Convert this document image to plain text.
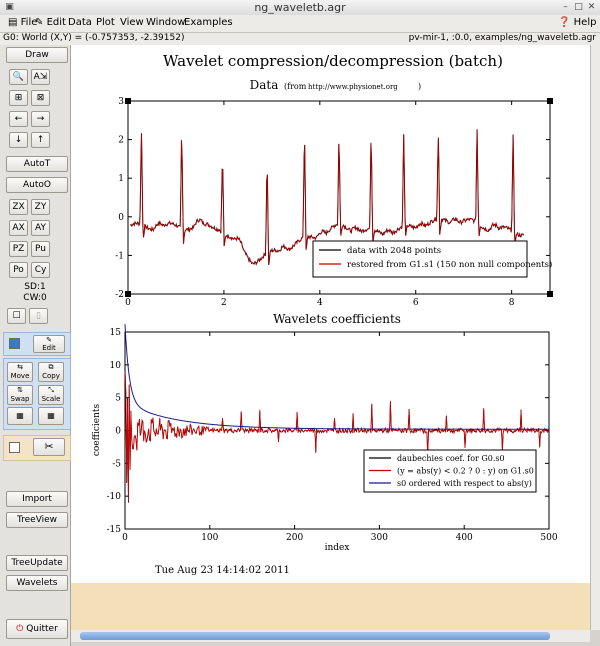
▣	ng_waveletb.agr	– □ ✕
▤ File
✎ Edit Data Plot View Window
Examples	❓ Help
G0: World (X,Y) = (-0.757353, -2.39152)	pv-mir-1, :0.0, examples/ng_waveletb.agr
Draw
🔍	A⇲
⊞	⊠
←	→
↓	↑
AutoT
AutoO
ZX	ZY
AX	AY
PZ	Pu
Po	Cy
SD:1
CW:0
☐	▯
✎
Edit
⇆
Move
⧉
Copy
⇅
Swap
⤡
Scale
▦	▦
✂
Import
TreeView
TreeUpdate
Wavelets
⏻ Quitter
Wavelet compression/decompression (batch)
Tue Aug 23 14:14:02 2011
Data (from http://www.physionet.org	)
0	2	4	6	8
-2
-1
0
1
2
3
data with 2048 points
restored from G1.s1 (150 non null components)
Wavelets coefficients
index
coefficients
0	100	200	300	400	500
-15
-10
-5
0
5
10
15
daubechies coef. for G0.s0
(y = abs(y) < 0.2 ? 0 : y) on G1.s0
s0 ordered with respect to abs(y)
